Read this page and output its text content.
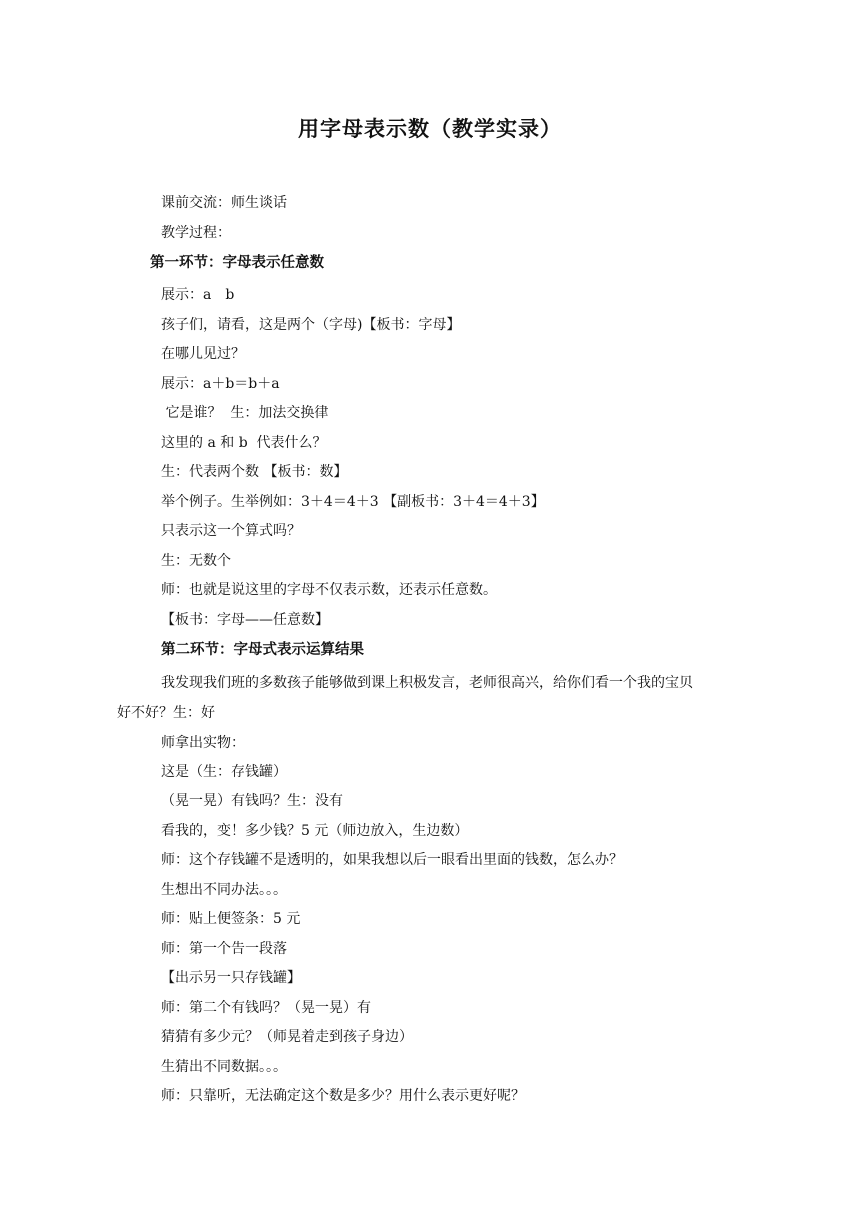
用字母表示数（教学实录）
课前交流：师生谈话
教学过程：
第一环节：字母表示任意数
展示：a　b
孩子们，请看，这是两个（字母)【板书：字母】
在哪儿见过？
展示：a＋b＝b＋a
它是谁？  生：加法交换律
这里的 a 和 b  代表什么？
生：代表两个数 【板书：数】
举个例子。生举例如：3＋4＝4＋3 【副板书：3＋4＝4＋3】
只表示这一个算式吗？
生：无数个
师：也就是说这里的字母不仅表示数，还表示任意数。
【板书：字母——任意数】
第二环节：字母式表示运算结果
我发现我们班的多数孩子能够做到课上积极发言，老师很高兴，给你们看一个我的宝贝
好不好？生：好
师拿出实物：
这是（生：存钱罐）
（晃一晃）有钱吗？生：没有
看我的，变！多少钱？5 元（师边放入，生边数）
师：这个存钱罐不是透明的，如果我想以后一眼看出里面的钱数，怎么办？
生想出不同办法。。。
师：贴上便签条：5 元
师：第一个告一段落
【出示另一只存钱罐】
师：第二个有钱吗？（晃一晃）有
猜猜有多少元？（师晃着走到孩子身边）
生猜出不同数据。。。
师：只靠听，无法确定这个数是多少？用什么表示更好呢？
